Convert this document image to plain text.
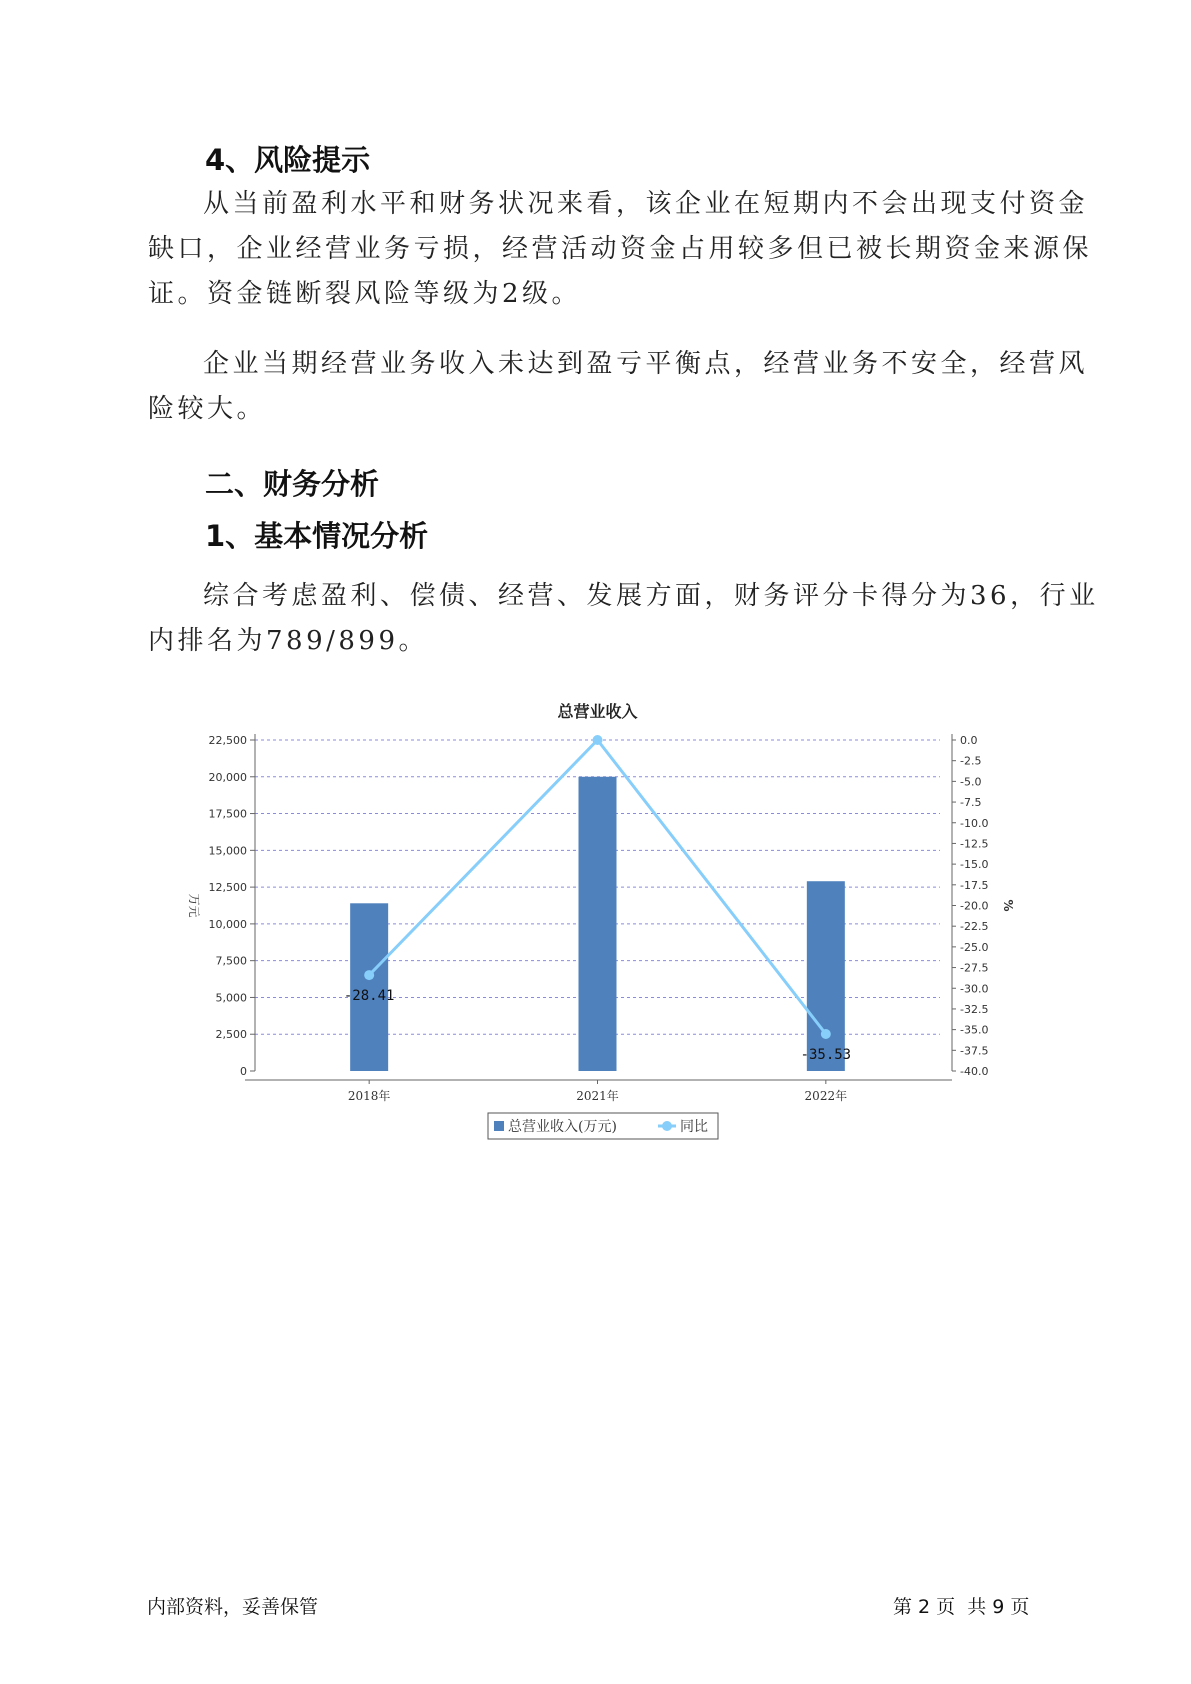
4、风险提示
从当前盈利水平和财务状况来看，该企业在短期内不会出现支付资金
缺口，企业经营业务亏损，经营活动资金占用较多但已被长期资金来源保
证。资金链断裂风险等级为2级。
企业当期经营业务收入未达到盈亏平衡点，经营业务不安全，经营风
险较大。
二、财务分析
1、基本情况分析
综合考虑盈利、偿债、经营、发展方面，财务评分卡得分为36，行业
内排名为789/899。
总营业收入
0
2,500
5,000
7,500
10,000
12,500
15,000
17,500
20,000
22,500
-40.0
-37.5
-35.0
-32.5
-30.0
-27.5
-25.0
-22.5
-20.0
-17.5
-15.0
-12.5
-10.0
-7.5
-5.0
-2.5
0.0
万元	%
2018年	2021年	2022年
-28.41
-35.53
总营业收入(万元)	同比
内部资料，妥善保管	第 2 页  共 9 页
